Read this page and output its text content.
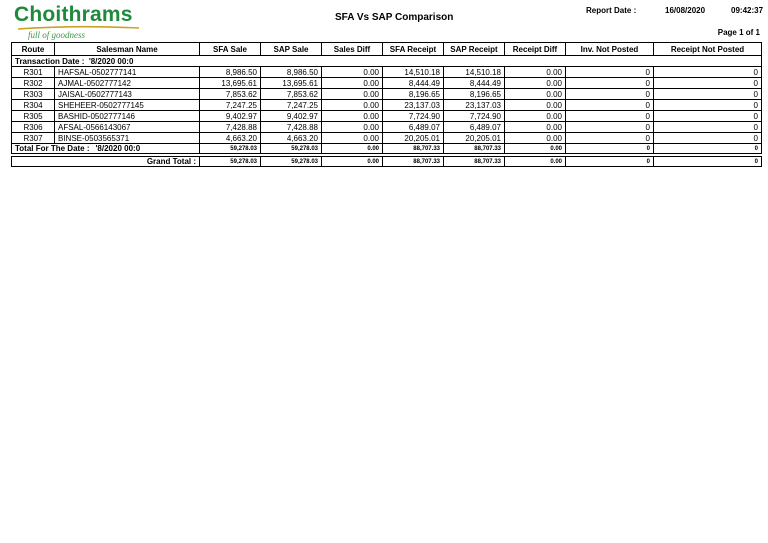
Choithrams
full of goodness
SFA Vs SAP Comparison
Report Date :	16/08/2020	09:42:37
Page 1 of 1
Route	Salesman Name	SFA Sale	SAP Sale	Sales Diff	SFA Receipt	SAP Receipt	Receipt Diff	Inv. Not Posted	Receipt Not Posted
Transaction Date : '8/2020 00:0									
R301	HAFSAL-0502777141	8,986.50	8,986.50	0.00	14,510.18	14,510.18	0.00	0	0
R302	AJMAL-0502777142	13,695.61	13,695.61	0.00	8,444.49	8,444.49	0.00	0	0
R303	JAISAL-0502777143	7,853.62	7,853.62	0.00	8,196.65	8,196.65	0.00	0	0
R304	SHEHEER-0502777145	7,247.25	7,247.25	0.00	23,137.03	23,137.03	0.00	0	0
R305	BASHID-0502777146	9,402.97	9,402.97	0.00	7,724.90	7,724.90	0.00	0	0
R306	AFSAL-0566143067	7,428.88	7,428.88	0.00	6,489.07	6,489.07	0.00	0	0
R307	BINSE-0503565371	4,663.20	4,663.20	0.00	20,205.01	20,205.01	0.00	0	0
Total For The Date : '8/2020 00:0		59,278.03	59,278.03	0.00	88,707.33	88,707.33	0.00	0	0

Grand Total :		59,278.03	59,278.03	0.00	88,707.33	88,707.33	0.00	0	0
